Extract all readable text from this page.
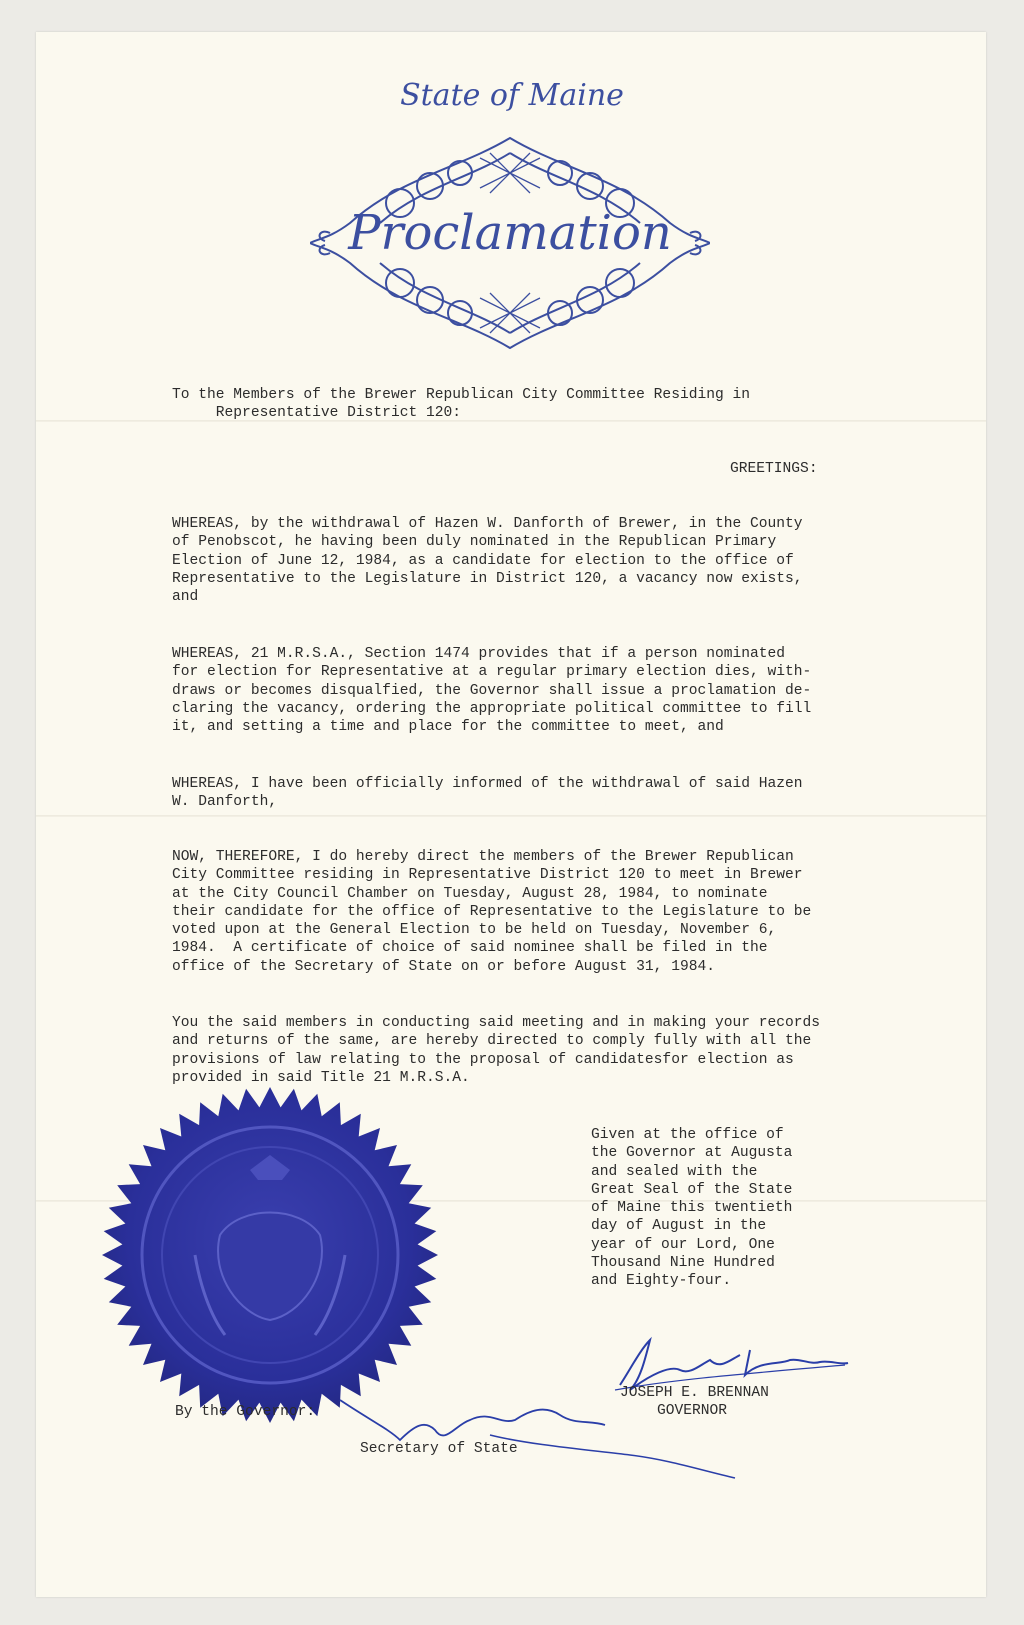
State of Maine
Proclamation
To the Members of the Brewer Republican City Committee Residing in
Representative District 120:
GREETINGS:
WHEREAS, by the withdrawal of Hazen W. Danforth of Brewer, in the County
of Penobscot, he having been duly nominated in the Republican Primary
Election of June 12, 1984, as a candidate for election to the office of
Representative to the Legislature in District 120, a vacancy now exists,
and
WHEREAS, 21 M.R.S.A., Section 1474 provides that if a person nominated
for election for Representative at a regular primary election dies, with-
draws or becomes disqualfied, the Governor shall issue a proclamation de-
claring the vacancy, ordering the appropriate political committee to fill
it, and setting a time and place for the committee to meet, and
WHEREAS, I have been officially informed of the withdrawal of said Hazen
W. Danforth,
NOW, THEREFORE, I do hereby direct the members of the Brewer Republican
City Committee residing in Representative District 120 to meet in Brewer
at the City Council Chamber on Tuesday, August 28, 1984, to nominate
their candidate for the office of Representative to the Legislature to be
voted upon at the General Election to be held on Tuesday, November 6,
1984.  A certificate of choice of said nominee shall be filed in the
office of the Secretary of State on or before August 31, 1984.
You the said members in conducting said meeting and in making your records
and returns of the same, are hereby directed to comply fully with all the
provisions of law relating to the proposal of candidatesfor election as
provided in said Title 21 M.R.S.A.
Given at the office of
the Governor at Augusta
and sealed with the
Great Seal of the State
of Maine this twentieth
day of August in the
year of our Lord, One
Thousand Nine Hundred
and Eighty-four.
JOSEPH E. BRENNAN
GOVERNOR
By the Governor:
Secretary of State
